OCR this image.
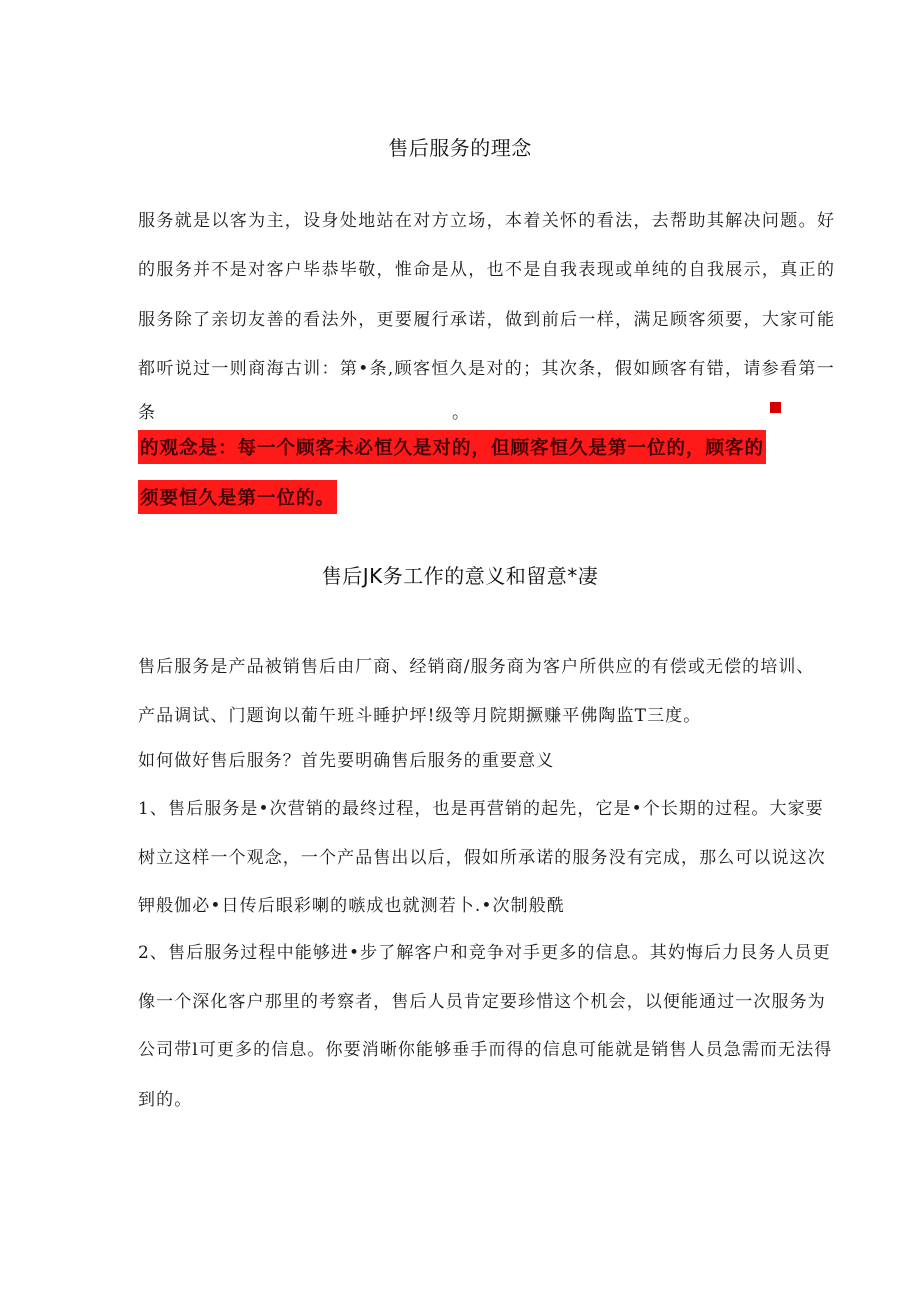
售后服务的理念
服务就是以客为主，设身处地站在对方立场，本着关怀的看法，去帮助其解决问题。好
的服务并不是对客户毕恭毕敬，惟命是从，也不是自我表现或单纯的自我展示，真正的
服务除了亲切友善的看法外，更要履行承诺，做到前后一样，满足顾客须要，大家可能
都听说过一则商海古训：第•条,顾客恒久是对的；其次条，假如顾客有错，请参看第一
条	。
的观念是：每一个顾客未必恒久是对的，但顾客恒久是第一位的，顾客的
须要恒久是第一位的。
售后JK务工作的意义和留意*凄
售后服务是产品被销售后由厂商、经销商/服务商为客户所供应的有偿或无偿的培训、
产品调试、门题询以葡午班斗睡护坪!级等月院期撅赚平佛陶监T三度。
如何做好售后服务？首先要明确售后服务的重要意义
1、售后服务是•次营销的最终过程，也是再营销的起先，它是•个长期的过程。大家要
树立这样一个观念，一个产品售出以后，假如所承诺的服务没有完成，那么可以说这次
钾般伽必•日传后眼彩喇的嗾成也就测若卜.•次制般酰
2、售后服务过程中能够进•步了解客户和竞争对手更多的信息。其妁悔后力艮务人员更
像一个深化客户那里的考察者，售后人员肯定要珍惜这个机会，以便能通过一次服务为
公司带l可更多的信息。你要消晰你能够垂手而得的信息可能就是销售人员急需而无法得
到的。
